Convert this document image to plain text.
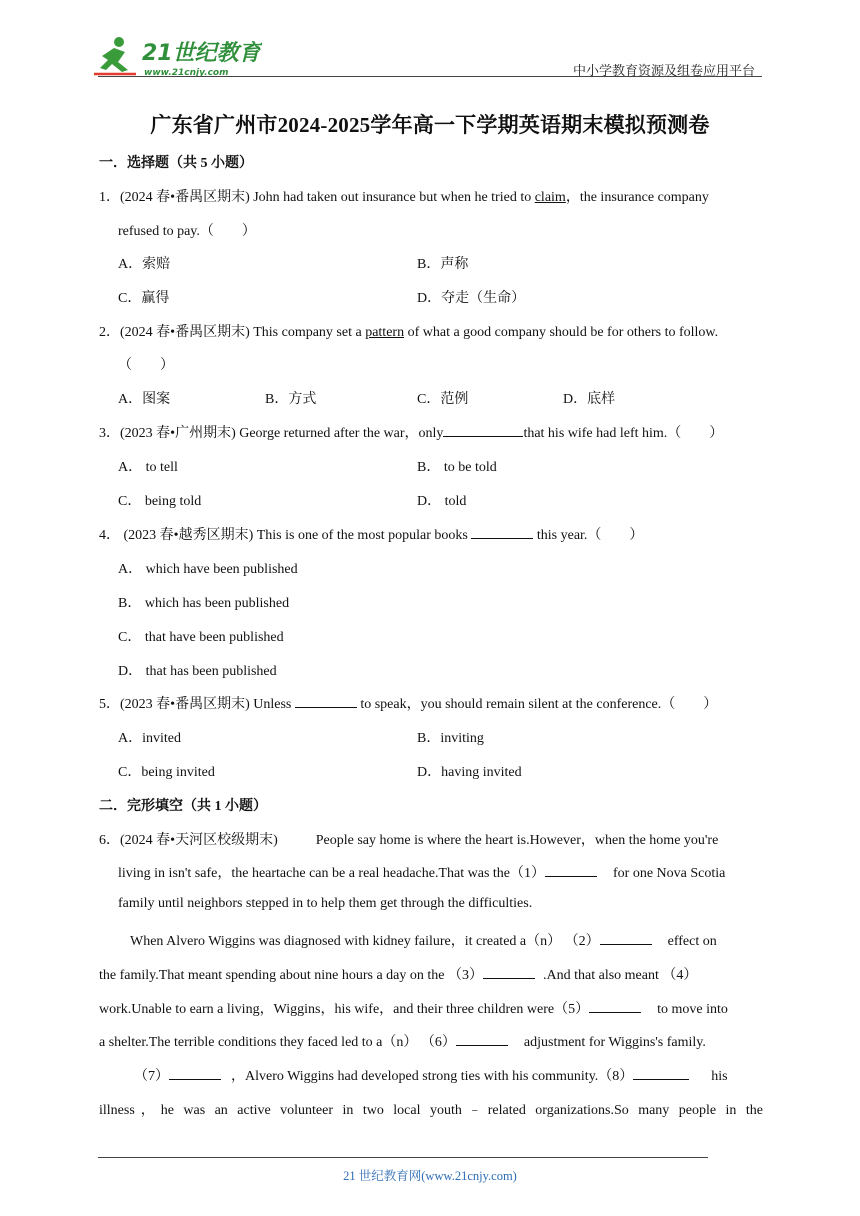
21世纪教育
www.21cnjy.com	中小学教育资源及组卷应用平台
广东省广州市2024-2025学年高一下学期英语期末模拟预测卷
一．选择题（共 5 小题）
1．(2024 春•番禺区期末) John had taken out insurance but when he tried to claim，the insurance company
refused to pay.（　　）
A．索赔	B．声称
C．赢得	D．夺走（生命）
2．(2024 春•番禺区期末) This company set a pattern of what a good company should be for others to follow.
（　　）
A．图案	B．方式	C．范例	D．底样
3．(2023 春•广州期末) George returned after the war，only	that his wife had left him.（　　）
A． to tell	B． to be told
C． being told	D． told
4． (2023 春•越秀区期末) This is one of the most popular books	this year.（　　）
A． which have been published
B． which has been published
C． that have been published
D． that has been published
5．(2023 春•番禺区期末) Unless	to speak，you should remain silent at the conference.（　　）
A．invited	B．inviting
C．being invited	D．having invited
二．完形填空（共 1 小题）
6．(2024 春•天河区校级期末)	People say home is where the heart is.However，when the home you're
living in isn't safe，the heartache can be a real headache.That was the（1）	for one Nova Scotia
family until neighbors stepped in to help them get through the difficulties.
When Alvero Wiggins was diagnosed with kidney failure，it created a（n） （2）	effect on
the family.That meant spending about nine hours a day on the （3）	.And that also meant （4）
work.Unable to earn a living，Wiggins，his wife，and their three children were（5）	to move into
a shelter.The terrible conditions they faced led to a（n） （6）	adjustment for Wiggins's family.
（7）	，Alvero Wiggins had developed strong ties with his community.（8）	his
illness，he was an active volunteer in two local youth﹣related organizations.So many people in the
21 世纪教育网(www.21cnjy.com)
